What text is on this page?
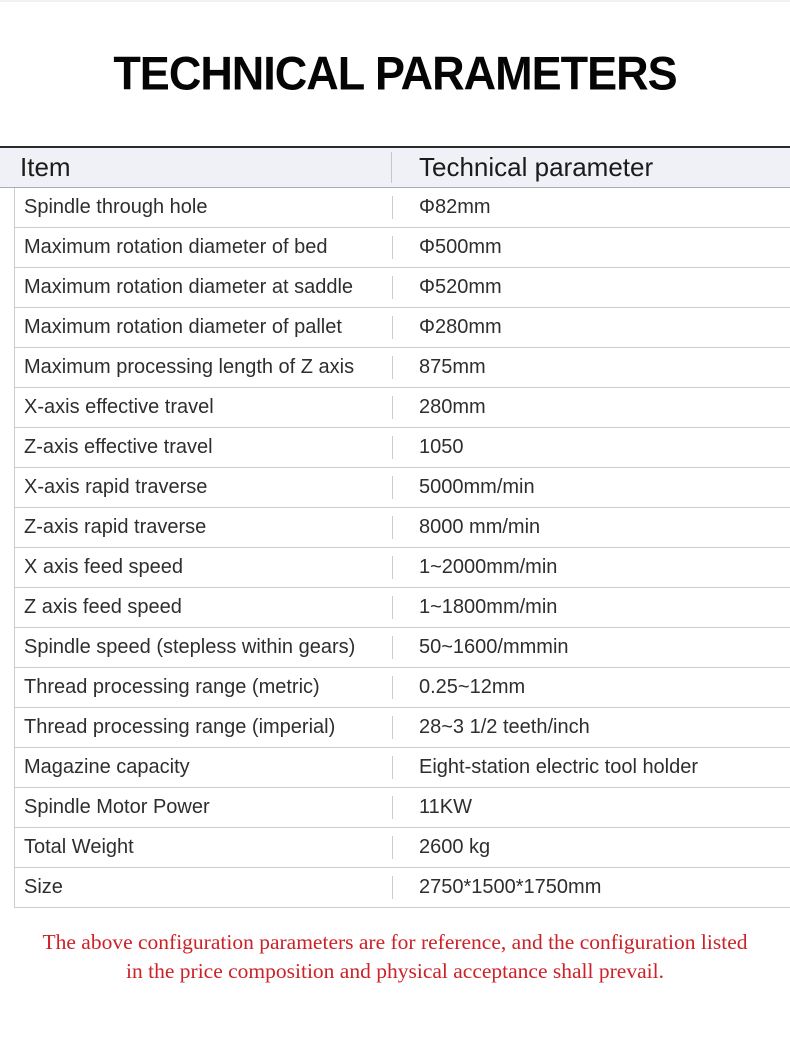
TECHNICAL PARAMETERS
Item	Technical parameter
Spindle through hole	Φ82mm
Maximum rotation diameter of bed	Φ500mm
Maximum rotation diameter at saddle	Φ520mm
Maximum rotation diameter of pallet	Φ280mm
Maximum processing length of Z axis	875mm
X-axis effective travel	280mm
Z-axis effective travel	1050
X-axis rapid traverse	5000mm/min
Z-axis rapid traverse	8000 mm/min
X axis feed speed	1~2000mm/min
Z axis feed speed	1~1800mm/min
Spindle speed (stepless within gears)	50~1600/mmmin
Thread processing range (metric)	0.25~12mm
Thread processing range (imperial)	28~3 1/2 teeth/inch
Magazine capacity	Eight-station electric tool holder
Spindle Motor Power	11KW
Total Weight	2600 kg
Size	2750*1500*1750mm
The above configuration parameters are for reference, and the configuration listed
in the price composition and physical acceptance shall prevail.
